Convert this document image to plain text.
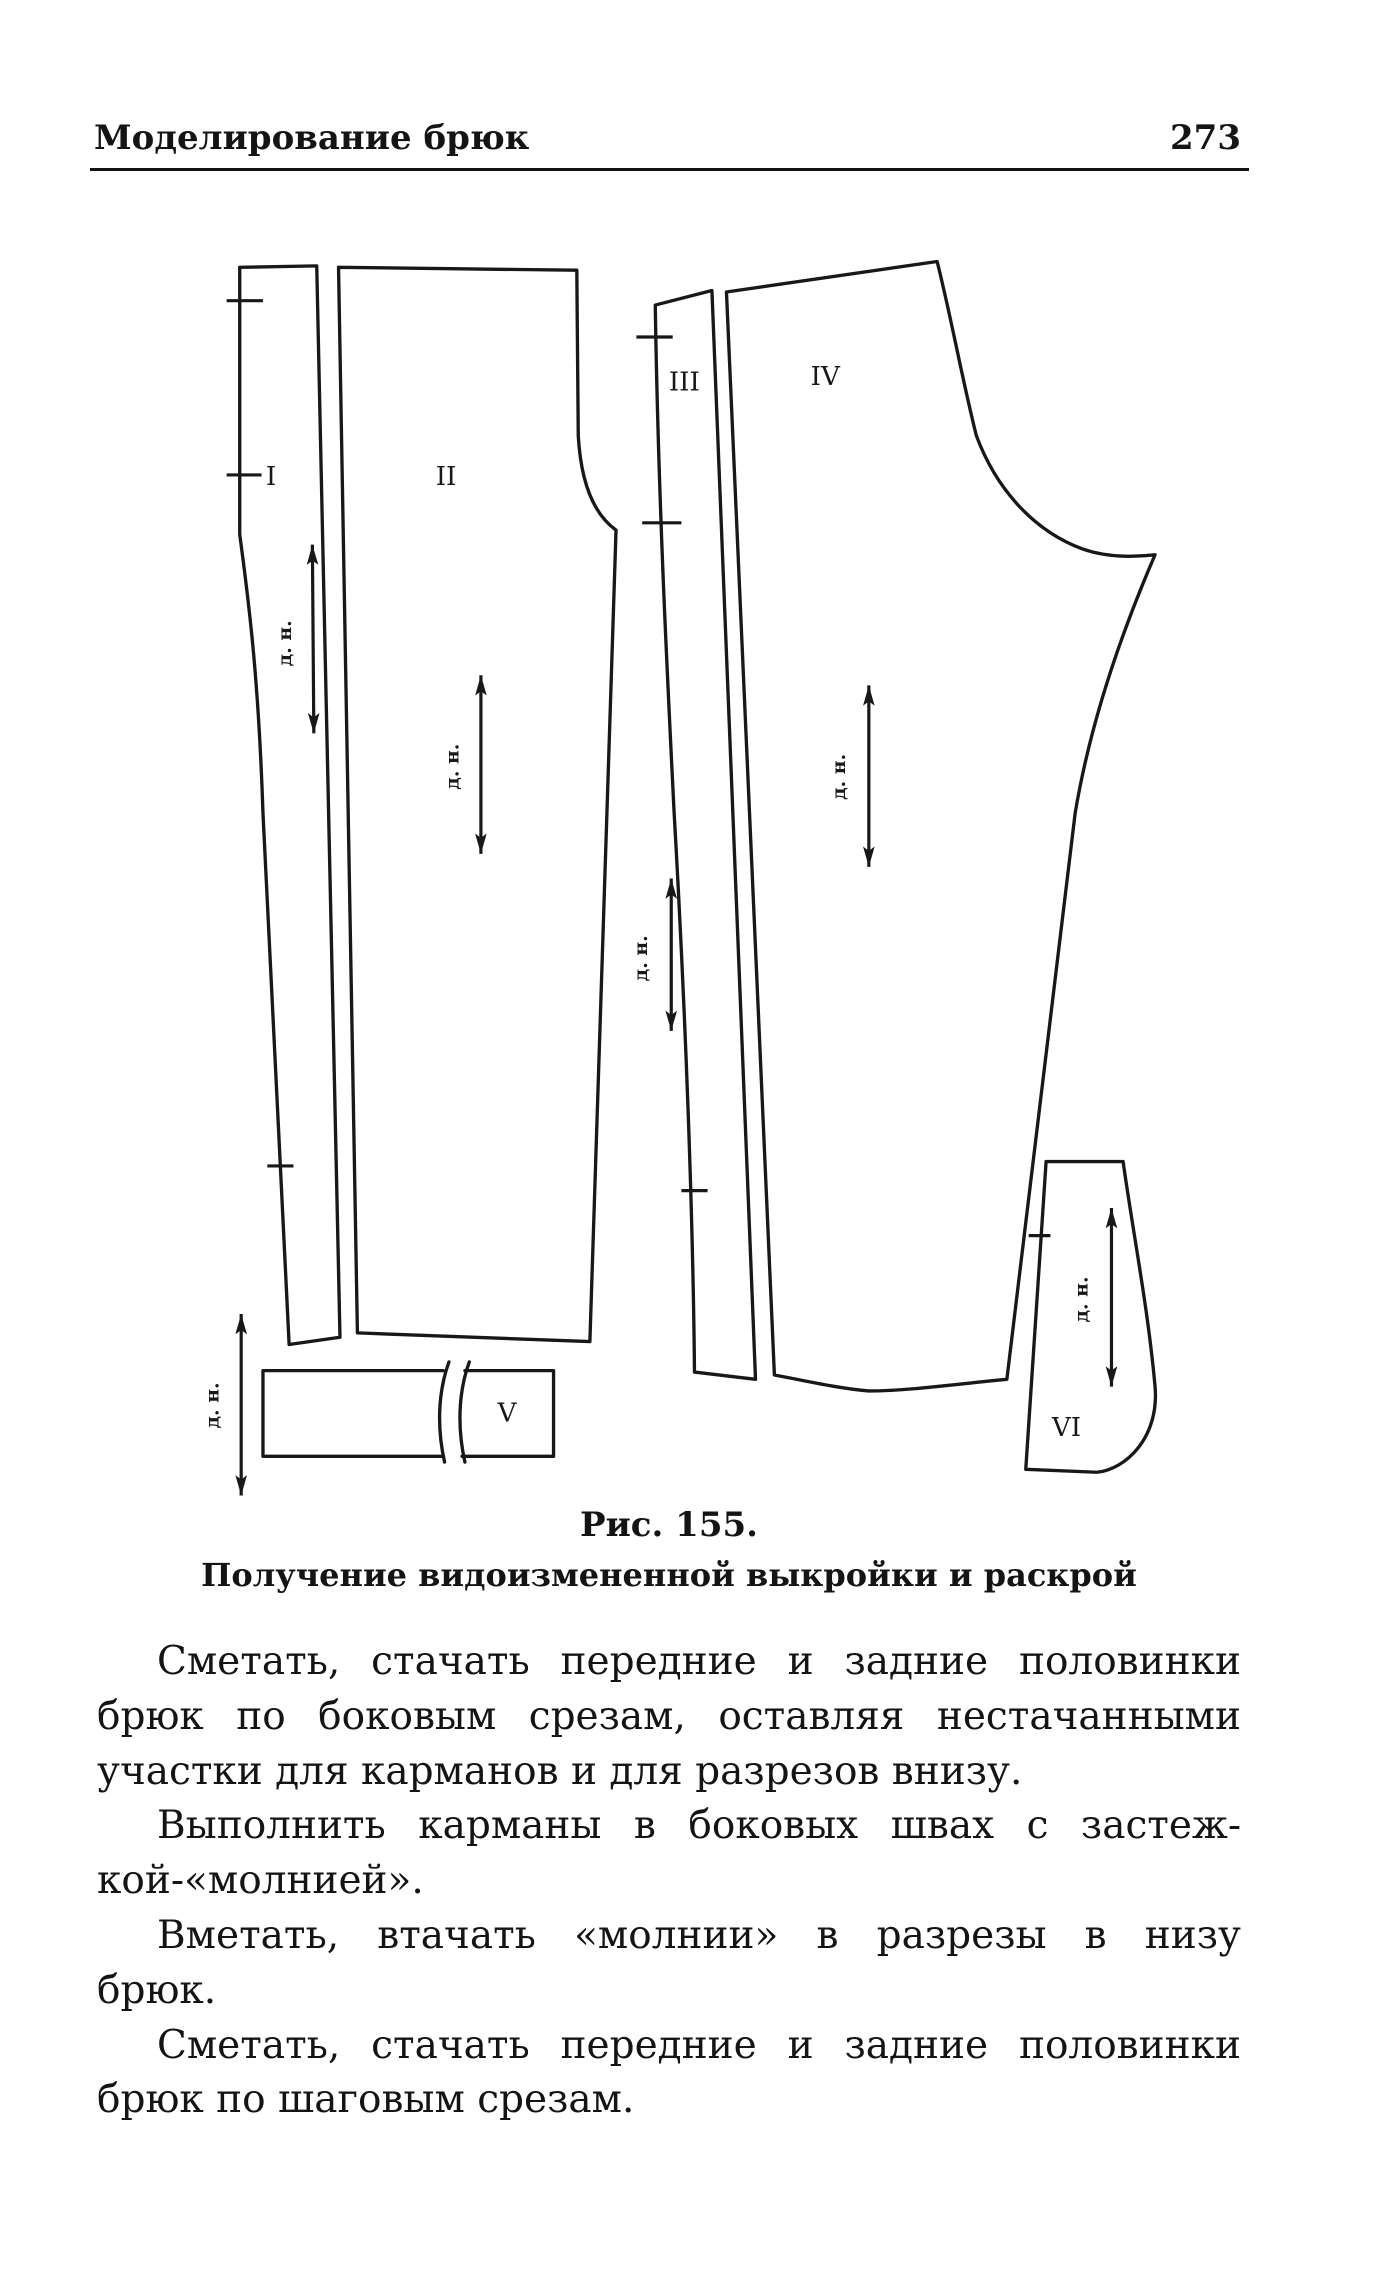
Моделирование брюк	273
I
д. н.
II
д. н.
III
д. н.
IV
д. н.
V
д. н.	VI
д. н.
Рис. 155.
Получение видоизмененной выкройки и раскрой
Сметать, стачать передние и задние половинки
брюк по боковым срезам, оставляя нестачанными
участки для карманов и для разрезов внизу.
Выполнить карманы в боковых швах с застеж-
кой-«молнией».
Вметать, втачать «молнии» в разрезы в низу
брюк.
Сметать, стачать передние и задние половинки
брюк по шаговым срезам.
